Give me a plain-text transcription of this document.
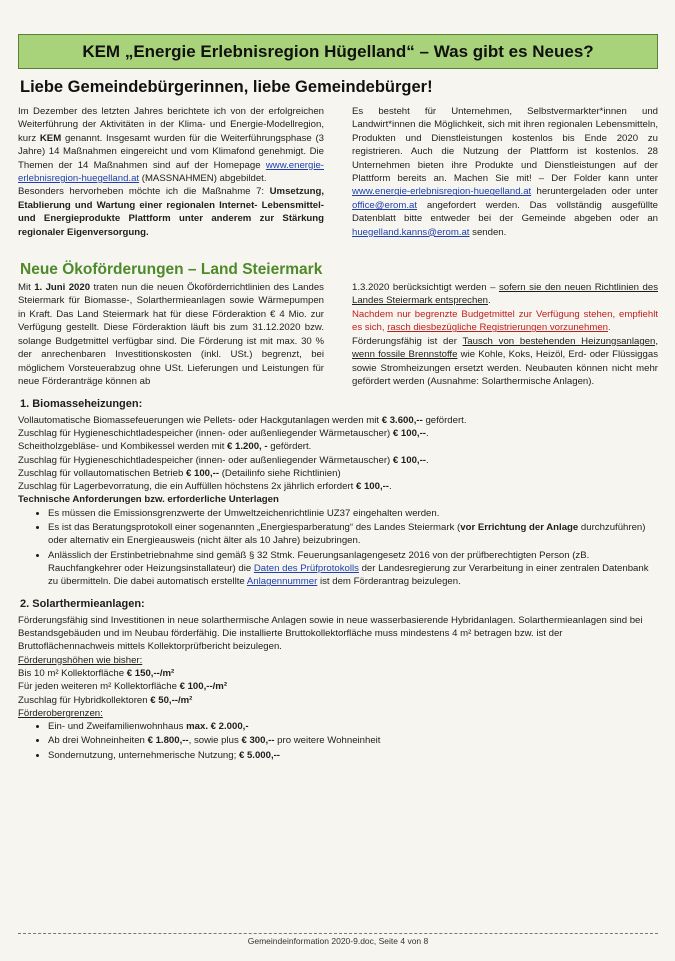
KEM „Energie Erlebnisregion Hügelland“ – Was gibt es Neues?
Liebe Gemeindebürgerinnen, liebe Gemeindebürger!

Im Dezember des letzten Jahres berichtete ich von der erfolgreichen Weiterführung der Aktivitäten in der Klima- und Energie-Modellregion, kurz KEM genannt. Insgesamt wurden für die Weiterführungsphase (3 Jahre) 14 Maßnahmen eingereicht und vom Klimafond genehmigt. Die Themen der 14 Maßnahmen sind auf der Homepage www.energie-erlebnisregion-huegelland.at (MASSNAHMEN) abgebildet.

Besonders hervorheben möchte ich die Maßnahme 7: Umsetzung, Etablierung und Wartung einer regionalen Internet- Lebensmittel- und Energieprodukte Plattform unter anderem zur Stärkung regionaler Eigenversorgung.

Es besteht für Unternehmen, Selbstvermarkter*innen und Landwirt*innen die Möglichkeit, sich mit ihren regionalen Lebensmitteln, Produkten und Dienstleistungen kostenlos bis Ende 2020 zu registrieren. Auch die Nutzung der Plattform ist kostenlos. 28 Unternehmen bieten ihre Produkte und Dienstleistungen auf der Plattform bereits an. Machen Sie mit! – Der Folder kann unter www.energie-erlebnisregion-huegelland.at heruntergeladen oder unter office@erom.at angefordert werden. Das vollständig ausgefüllte Datenblatt bitte entweder bei der Gemeinde abgeben oder an huegelland.kanns@erom.at senden.

Neue Ökoförderungen – Land Steiermark

Mit 1. Juni 2020 traten nun die neuen Ökoförderrichtlinien des Landes Steiermark für Biomasse-, Solarthermieanlagen sowie Wärmepumpen in Kraft. Das Land Steiermark hat für diese Förderaktion € 4 Mio. zur Verfügung gestellt. Diese Förderaktion läuft bis zum 31.12.2020 bzw. solange Budgetmittel verfügbar sind. Die Förderung ist mit max. 30 % der anrechenbaren Investitionskosten (inkl. USt.) begrenzt, bei möglichem Vorsteuerabzug ohne USt. Lieferungen und Leistungen für neue Förderanträge können ab

1.3.2020 berücksichtigt werden – sofern sie den neuen Richtlinien des Landes Steiermark entsprechen.

Nachdem nur begrenzte Budgetmittel zur Verfügung stehen, empfiehlt es sich, rasch diesbezügliche Registrierungen vorzunehmen.

Förderungsfähig ist der Tausch von bestehenden Heizungsanlagen, wenn fossile Brennstoffe wie Kohle, Koks, Heizöl, Erd- oder Flüssiggas sowie Stromheizungen ersetzt werden. Neubauten können nicht mehr gefördert werden (Ausnahme: Solarthermische Anlagen).

1. Biomasseheizungen:

Vollautomatische Biomassefeuerungen wie Pellets- oder Hackgutanlagen werden mit € 3.600,-- gefördert.

Zuschlag für Hygieneschichtladespeicher (innen- oder außenliegender Wärmetauscher) € 100,--.

Scheitholzgebläse- und Kombikessel werden mit € 1.200, - gefördert.

Zuschlag für Hygieneschichtladespeicher (innen- oder außenliegender Wärmetauscher) € 100,--.

Zuschlag für vollautomatischen Betrieb € 100,-- (Detailinfo siehe Richtlinien)

Zuschlag für Lagerbevorratung, die ein Auffüllen höchstens 2x jährlich erfordert € 100,--.

Technische Anforderungen bzw. erforderliche Unterlagen

• Es müssen die Emissionsgrenzwerte der Umweltzeichenrichtlinie UZ37 eingehalten werden.
• Es ist das Beratungsprotokoll einer sogenannten „Energiesparberatung“ des Landes Steiermark (vor Errichtung der Anlage durchzuführen) oder alternativ ein Energieausweis (nicht älter als 10 Jahre) beizubringen.
• Anlässlich der Erstinbetriebnahme sind gemäß § 32 Stmk. Feuerungsanlagengesetz 2016 von der prüfberechtigten Person (zB. Rauchfangkehrer oder Heizungsinstallateur) die Daten des Prüfprotokolls der Landesregierung zur Verarbeitung in einer zentralen Datenbank zu übermitteln. Die dabei automatisch erstellte Anlagennummer ist dem Förderantrag beizulegen.
2. Solarthermieanlagen:

Förderungsfähig sind Investitionen in neue solarthermische Anlagen sowie in neue wasserbasierende Hybridanlagen. Solarthermieanlagen sind bei Bestandsgebäuden und im Neubau förderfähig. Die installierte Bruttokollektorfläche muss mindestens 4 m² betragen bzw. ist der Bruttoflächennachweis mittels Kollektorprüfbericht beizulegen.

Förderungshöhen wie bisher:

Bis 10 m² Kollektorfläche € 150,--/m²

Für jeden weiteren m² Kollektorfläche € 100,--/m²

Zuschlag für Hybridkollektoren € 50,--/m²

Förderobergrenzen:

• Ein- und Zweifamilienwohnhaus max. € 2.000,-
• Ab drei Wohneinheiten € 1.800,--, sowie plus € 300,-- pro weitere Wohneinheit
• Sondernutzung, unternehmerische Nutzung; € 5.000,--
Gemeindeinformation 2020-9.doc, Seite 4 von 8
